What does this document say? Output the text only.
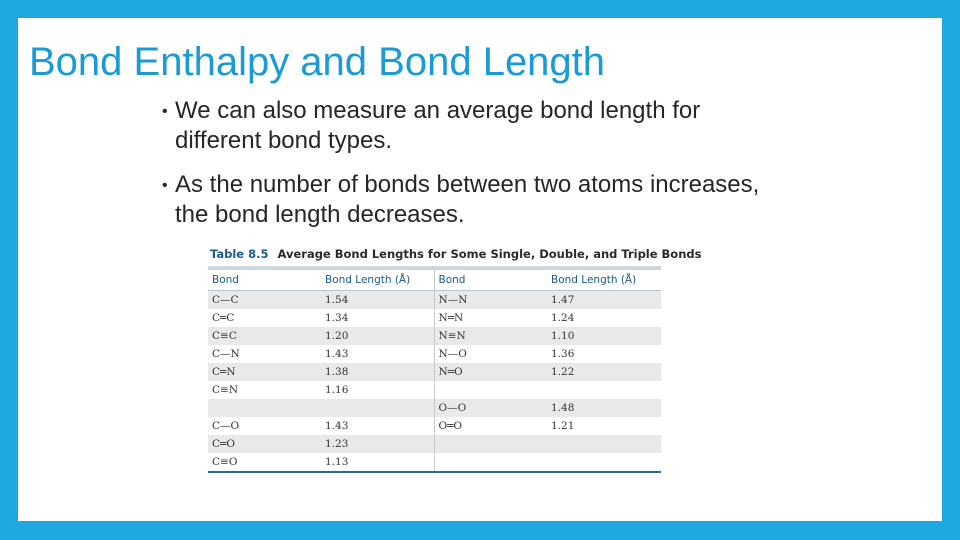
Bond Enthalpy and Bond Length
• We can also measure an average bond length for different bond types.
• As the number of bonds between two atoms increases, the bond length decreases.
Table 8.5 Average Bond Lengths for Some Single, Double, and Triple Bonds
Bond	Bond Length (Å)	Bond	Bond Length (Å)
C—C	1.54	N—N	1.47
C═C	1.34	N═N	1.24
C≡C	1.20	N≡N	1.10
C—N	1.43	N—O	1.36
C═N	1.38	N═O	1.22
C≡N	1.16		
		O—O	1.48
C—O	1.43	O═O	1.21
C═O	1.23		
C≡O	1.13		
